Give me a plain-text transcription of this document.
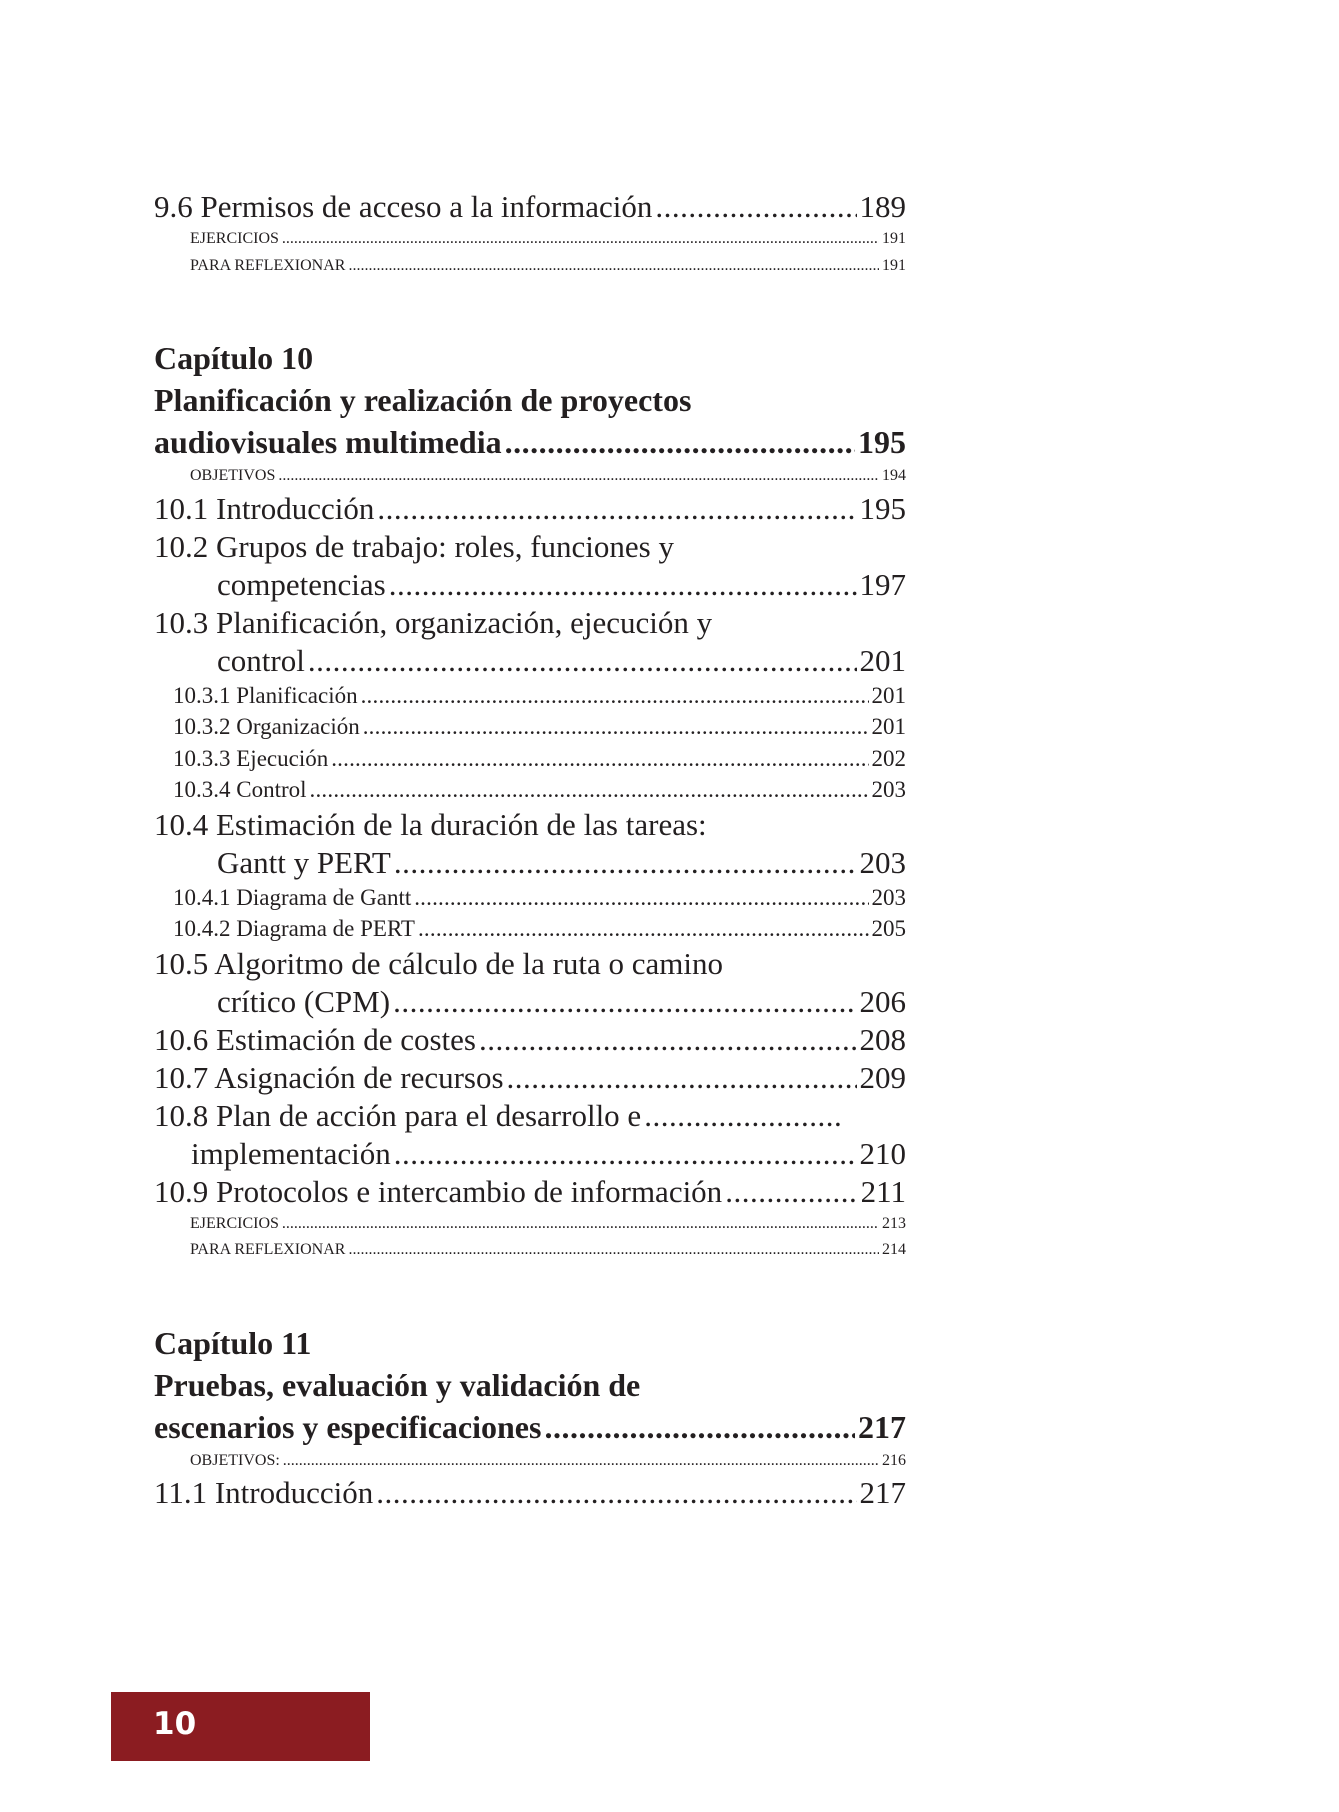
9.6 Permisos de acceso a la información .....	189
EJERCICIOS .....	191
PARA REFLEXIONAR .....	191
Capítulo 10
Planificación y realización de proyectos
audiovisuales multimedia .....	195
OBJETIVOS .....	194
10.1 Introducción .....	195
10.2 Grupos de trabajo: roles, funciones y
competencias .....	197
10.3 Planificación, organización, ejecución y
control .....	201
10.3.1 Planificación .....	201
10.3.2 Organización .....	201
10.3.3 Ejecución .....	202
10.3.4 Control .....	203
10.4 Estimación de la duración de las tareas:
Gantt y PERT .....	203
10.4.1 Diagrama de Gantt .....	203
10.4.2 Diagrama de PERT .....	205
10.5 Algoritmo de cálculo de la ruta o camino
crítico (CPM) .....	206
10.6 Estimación de costes .....	208
10.7 Asignación de recursos .....	209
10.8 Plan de acción para el desarrollo e
.....
implementación .....	210
10.9 Protocolos e intercambio de información .....	211
EJERCICIOS .....	213
PARA REFLEXIONAR .....	214
Capítulo 11
Pruebas, evaluación y validación de
escenarios y especificaciones .....	217
OBJETIVOS: .....	216
11.1 Introducción .....	217
10
